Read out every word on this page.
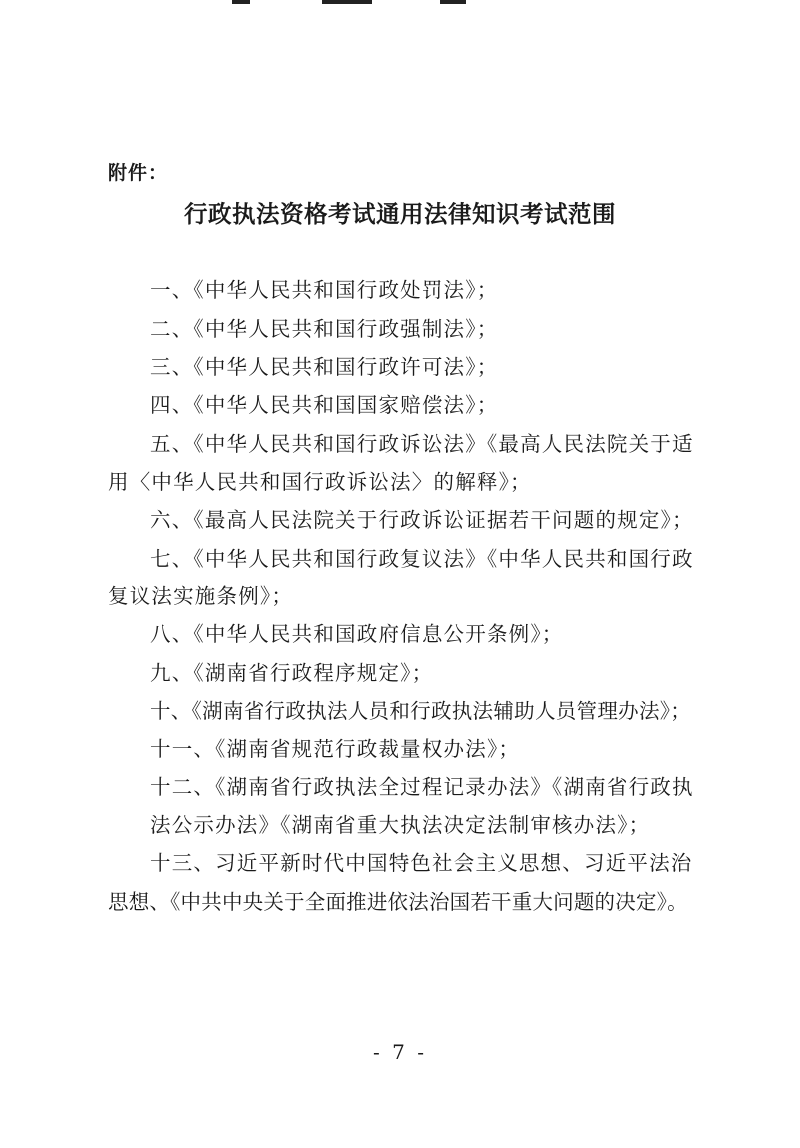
附件：
行政执法资格考试通用法律知识考试范围
一、《中华人民共和国行政处罚法》；
二、《中华人民共和国行政强制法》；
三、《中华人民共和国行政许可法》；
四、《中华人民共和国国家赔偿法》；
五、《中华人民共和国行政诉讼法》《最高人民法院关于适
用〈中华人民共和国行政诉讼法〉的解释》；
六、《最高人民法院关于行政诉讼证据若干问题的规定》；
七、《中华人民共和国行政复议法》《中华人民共和国行政
复议法实施条例》；
八、《中华人民共和国政府信息公开条例》；
九、《湖南省行政程序规定》；
十、《湖南省行政执法人员和行政执法辅助人员管理办法》；
十一、《湖南省规范行政裁量权办法》；
十二、《湖南省行政执法全过程记录办法》《湖南省行政执
法公示办法》《湖南省重大执法决定法制审核办法》；
十三、习近平新时代中国特色社会主义思想、习近平法治
思想、《中共中央关于全面推进依法治国若干重大问题的决定》。
- 7 -
